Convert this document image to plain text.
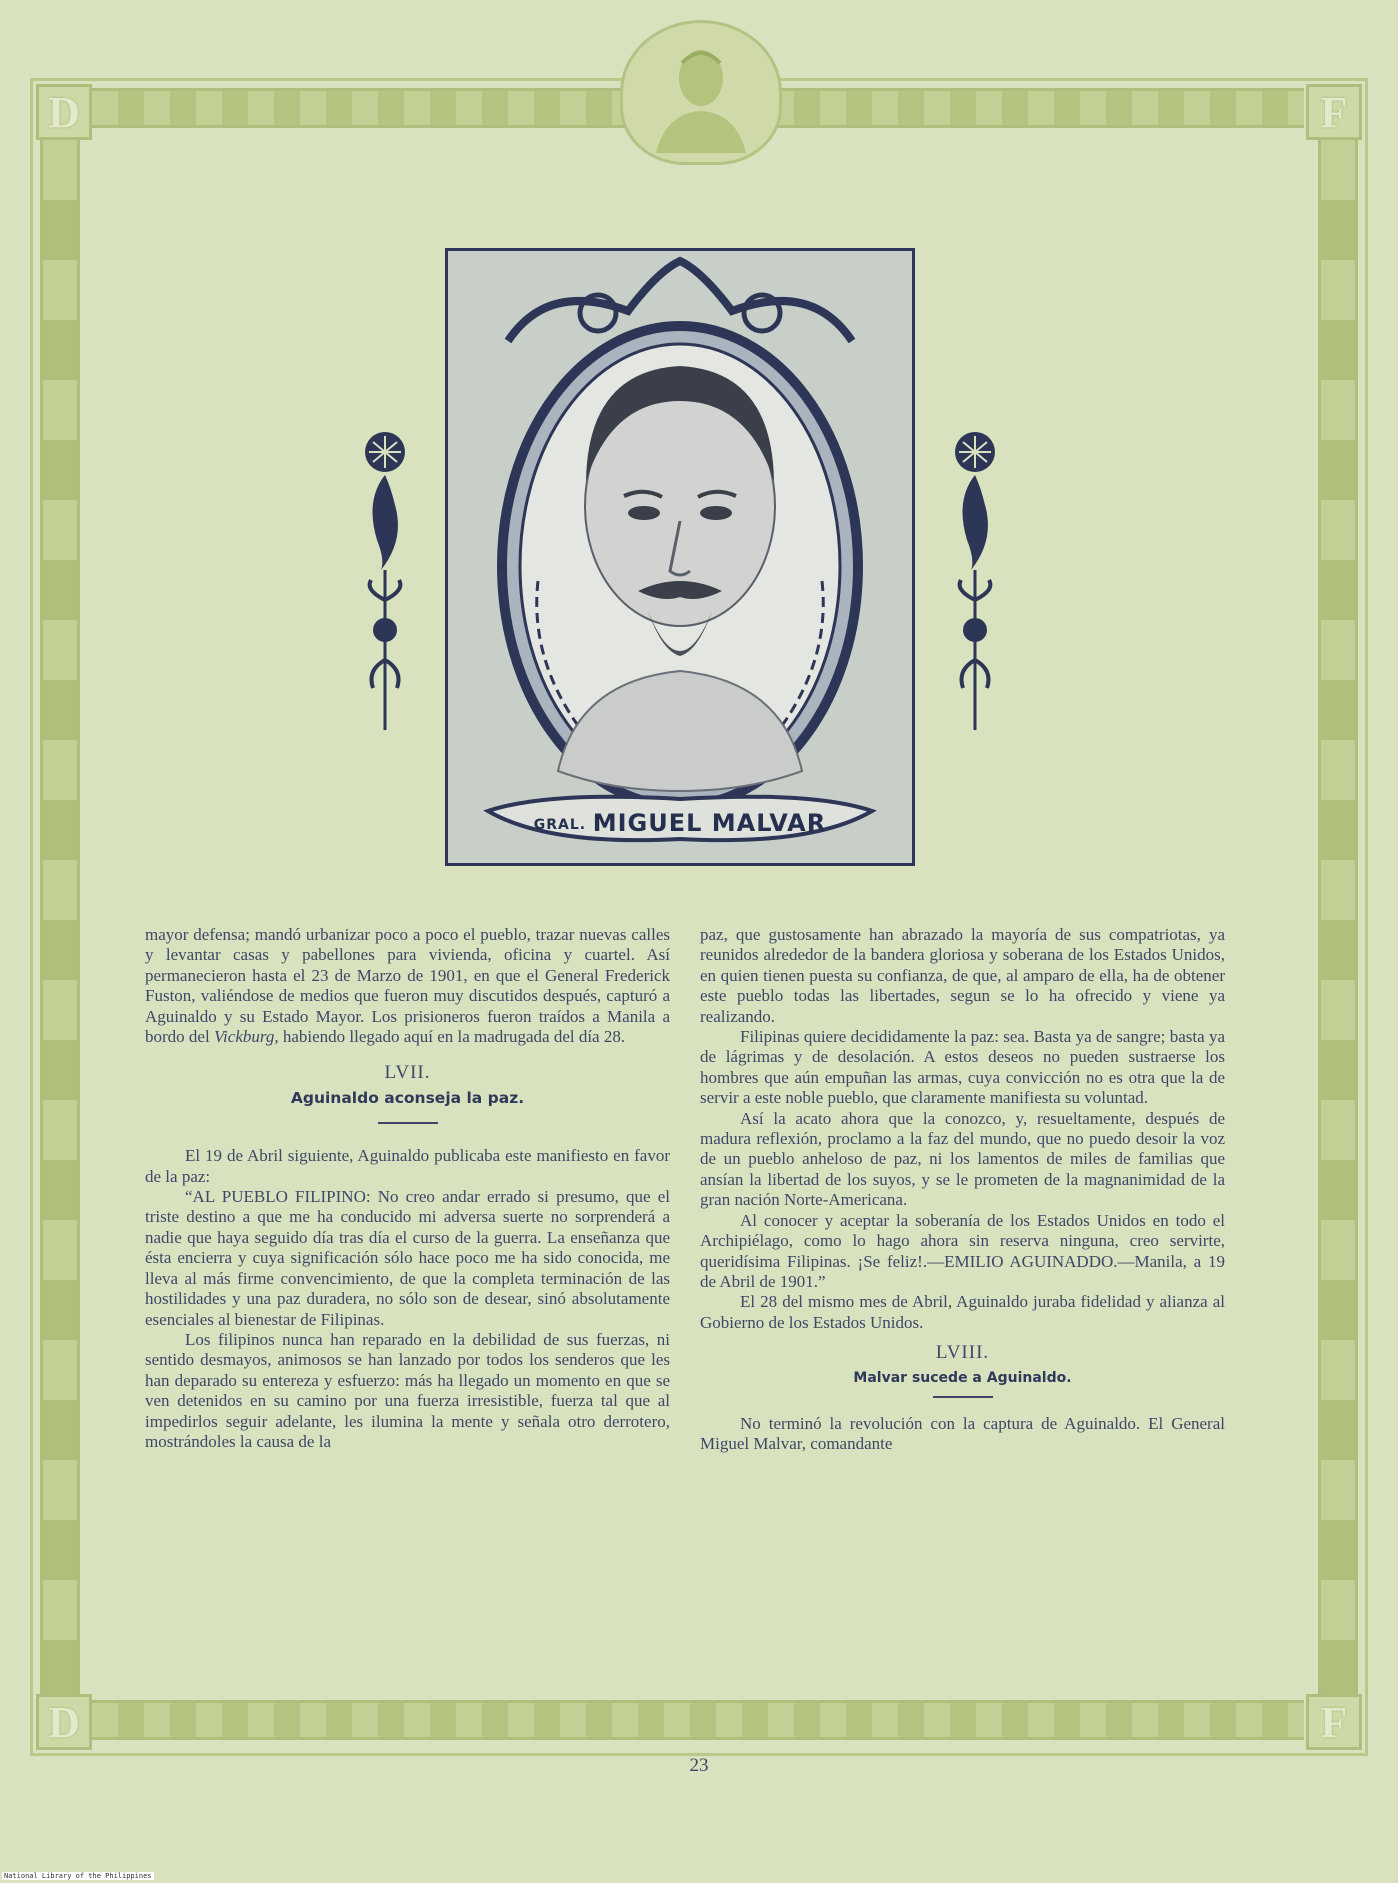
D	F
D	F
GRAL. MIGUEL MALVAR

mayor defensa; mandó urbanizar poco a poco el pueblo, trazar nuevas calles y levantar casas y pabellones para vivienda, oficina y cuartel. Así permanecieron hasta el 23 de Marzo de 1901, en que el General Frederick Fuston, valiéndose de medios que fueron muy discutidos después, capturó a Aguinaldo y su Estado Mayor. Los prisioneros fueron traídos a Manila a bordo del Vickburg, habiendo llegado aquí en la madrugada del día 28.

LVII.
Aguinaldo aconseja la paz.

El 19 de Abril siguiente, Aguinaldo publicaba este manifiesto en favor de la paz:

“AL PUEBLO FILIPINO: No creo andar errado si presumo, que el triste destino a que me ha conducido mi adversa suerte no sorprenderá a nadie que haya seguido día tras día el curso de la guerra. La enseñanza que ésta encierra y cuya significación sólo hace poco me ha sido conocida, me lleva al más firme convencimiento, de que la completa terminación de las hostilidades y una paz duradera, no sólo son de desear, sinó absolutamente esenciales al bienestar de Filipinas.

Los filipinos nunca han reparado en la debilidad de sus fuerzas, ni sentido desmayos, animosos se han lanzado por todos los senderos que les han deparado su entereza y esfuerzo: más ha llegado un momento en que se ven detenidos en su camino por una fuerza irresistible, fuerza tal que al impedirlos seguir adelante, les ilumina la mente y señala otro derrotero, mostrándoles la causa de la

paz, que gustosamente han abrazado la mayoría de sus compatriotas, ya reunidos alrededor de la bandera gloriosa y soberana de los Estados Unidos, en quien tienen puesta su confianza, de que, al amparo de ella, ha de obtener este pueblo todas las libertades, segun se lo ha ofrecido y viene ya realizando.

Filipinas quiere decididamente la paz: sea. Basta ya de sangre; basta ya de lágrimas y de desolación. A estos deseos no pueden sustraerse los hombres que aún empuñan las armas, cuya convicción no es otra que la de servir a este noble pueblo, que claramente manifiesta su voluntad.

Así la acato ahora que la conozco, y, resueltamente, después de madura reflexión, proclamo a la faz del mundo, que no puedo desoir la voz de un pueblo anheloso de paz, ni los lamentos de miles de familias que ansían la libertad de los suyos, y se le prometen de la magnanimidad de la gran nación Norte-Americana.

Al conocer y aceptar la soberanía de los Estados Unidos en todo el Archipiélago, como lo hago ahora sin reserva ninguna, creo servirte, queridísima Filipinas. ¡Se feliz!.—EMILIO AGUINADDO.—Manila, a 19 de Abril de 1901.”

El 28 del mismo mes de Abril, Aguinaldo juraba fidelidad y alianza al Gobierno de los Estados Unidos.

LVIII.
Malvar sucede a Aguinaldo.

No terminó la revolución con la captura de Aguinaldo. El General Miguel Malvar, comandante

23
National Library of the Philippines
